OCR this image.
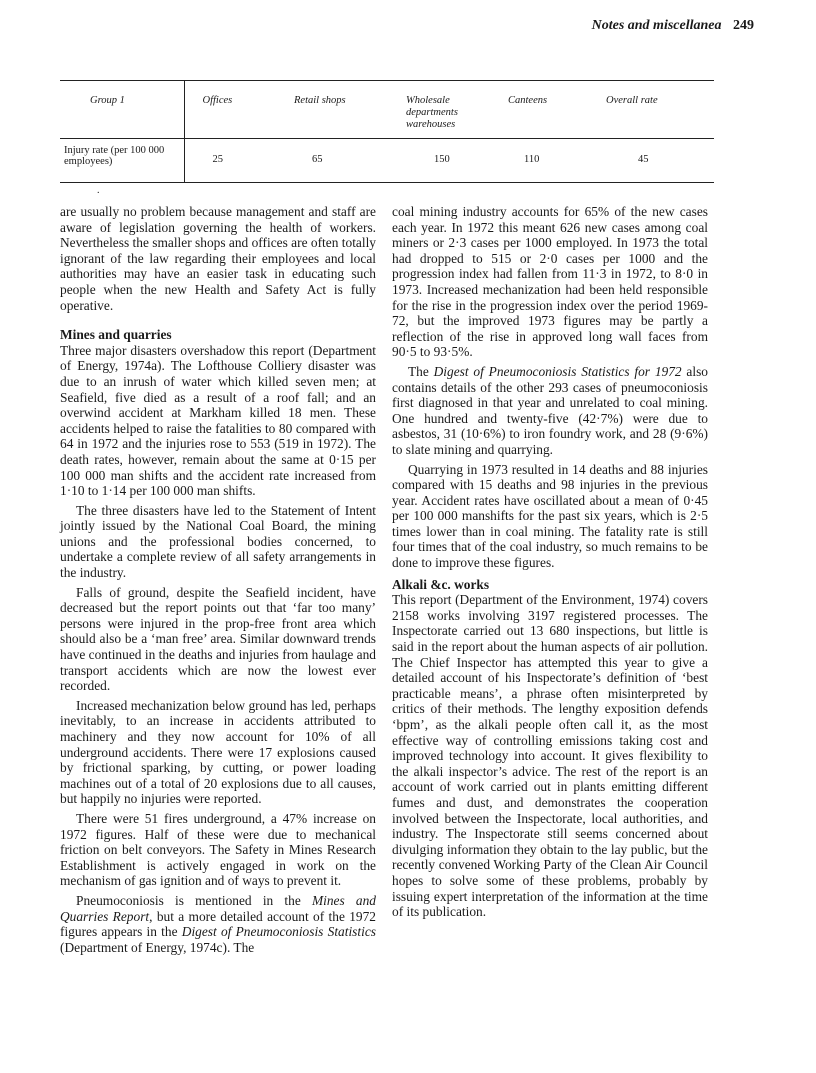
Notes and miscellanea 249
Group 1	Offices	Retail shops	Wholesale departments warehouses	Canteens	Overall rate
Injury rate (per 100 000 employees)	25	65	150	110	45
.

are usually no problem because management and staff are aware of legislation governing the health of workers. Nevertheless the smaller shops and offices are often totally ignorant of the law regarding their employees and local authorities may have an easier task in educating such people when the new Health and Safety Act is fully operative.

Mines and quarries

Three major disasters overshadow this report (Department of Energy, 1974a). The Lofthouse Colliery disaster was due to an inrush of water which killed seven men; at Seafield, five died as a result of a roof fall; and an overwind accident at Markham killed 18 men. These accidents helped to raise the fatalities to 80 compared with 64 in 1972 and the injuries rose to 553 (519 in 1972). The death rates, however, remain about the same at 0·15 per 100 000 man shifts and the accident rate increased from 1·10 to 1·14 per 100 000 man shifts.

The three disasters have led to the Statement of Intent jointly issued by the National Coal Board, the mining unions and the professional bodies concerned, to undertake a complete review of all safety arrangements in the industry.

Falls of ground, despite the Seafield incident, have decreased but the report points out that ‘far too many’ persons were injured in the prop-free front area which should also be a ‘man free’ area. Similar downward trends have continued in the deaths and injuries from haulage and transport accidents which are now the lowest ever recorded.

Increased mechanization below ground has led, perhaps inevitably, to an increase in accidents attributed to machinery and they now account for 10% of all underground accidents. There were 17 explosions caused by frictional sparking, by cutting, or power loading machines out of a total of 20 explosions due to all causes, but happily no injuries were reported.

There were 51 fires underground, a 47% increase on 1972 figures. Half of these were due to mechanical friction on belt conveyors. The Safety in Mines Research Establishment is actively engaged in work on the mechanism of gas ignition and of ways to prevent it.

Pneumoconiosis is mentioned in the Mines and Quarries Report, but a more detailed account of the 1972 figures appears in the Digest of Pneumoconiosis Statistics (Department of Energy, 1974c). The

coal mining industry accounts for 65% of the new cases each year. In 1972 this meant 626 new cases among coal miners or 2·3 cases per 1000 employed. In 1973 the total had dropped to 515 or 2·0 cases per 1000 and the progression index had fallen from 11·3 in 1972, to 8·0 in 1973. Increased mechanization had been held responsible for the rise in the progression index over the period 1969-72, but the improved 1973 figures may be partly a reflection of the rise in approved long wall faces from 90·5 to 93·5%.

The Digest of Pneumoconiosis Statistics for 1972 also contains details of the other 293 cases of pneumoconiosis first diagnosed in that year and unrelated to coal mining. One hundred and twenty-five (42·7%) were due to asbestos, 31 (10·6%) to iron foundry work, and 28 (9·6%) to slate mining and quarrying.

Quarrying in 1973 resulted in 14 deaths and 88 injuries compared with 15 deaths and 98 injuries in the previous year. Accident rates have oscillated about a mean of 0·45 per 100 000 manshifts for the past six years, which is 2·5 times lower than in coal mining. The fatality rate is still four times that of the coal industry, so much remains to be done to improve these figures.

Alkali &c. works

This report (Department of the Environment, 1974) covers 2158 works involving 3197 registered processes. The Inspectorate carried out 13 680 inspections, but little is said in the report about the human aspects of air pollution. The Chief Inspector has attempted this year to give a detailed account of his Inspectorate’s definition of ‘best practicable means’, a phrase often misinterpreted by critics of their methods. The lengthy exposition defends ‘bpm’, as the alkali people often call it, as the most effective way of controlling emissions taking cost and improved technology into account. It gives flexibility to the alkali inspector’s advice. The rest of the report is an account of work carried out in plants emitting different fumes and dust, and demonstrates the cooperation involved between the Inspectorate, local authorities, and industry. The Inspectorate still seems concerned about divulging information they obtain to the lay public, but the recently convened Working Party of the Clean Air Council hopes to solve some of these problems, probably by issuing expert interpretation of the information at the time of its publication.
